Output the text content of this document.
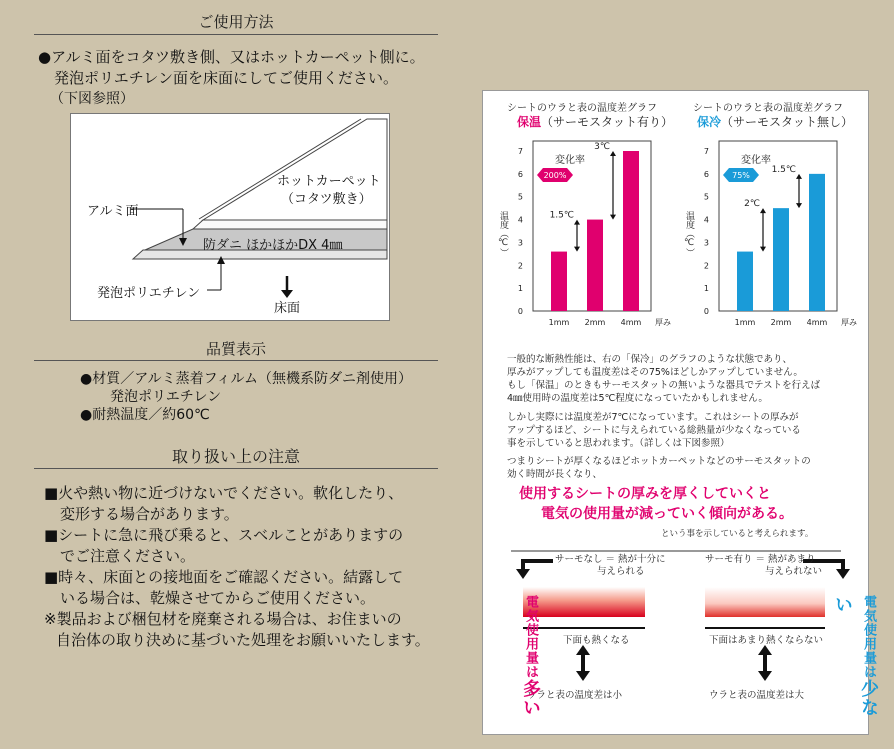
ご使用方法
●アルミ面をコタツ敷き側、又はホットカーペット側に。
発泡ポリエチレン面を床面にしてご使用ください。
（下図参照）
ホットカーペット
（コタツ敷き）
アルミ面
防ダニ ほかほかDX 4㎜
発泡ポリエチレン
床面
品質表示
●材質／アルミ蒸着フィルム（無機系防ダニ剤使用）
発泡ポリエチレン
●耐熱温度／約60℃
取り扱い上の注意
■火や熱い物に近づけないでください。軟化したり、
変形する場合があります。
■シートに急に飛び乗ると、スベルことがありますの
でご注意ください。
■時々、床面との接地面をご確認ください。結露して
いる場合は、乾燥させてからご使用ください。
※製品および梱包材を廃棄される場合は、お住まいの
自治体の取り決めに基づいた処理をお願いいたします。
シートのウラと表の温度差グラフ
保温（サーモスタット有り）
シートのウラと表の温度差グラフ
保冷（サーモスタット無し）
0
1
2
3
4
5
6
7
温度（℃）
1mm 2mm 4mm 厚み
変化率
200%
1.5℃
3℃
0
1
2
3
4
5
6
7
温度（℃）
1mm 2mm 4mm 厚み
変化率
75%
2℃
1.5℃
一般的な断熱性能は、右の「保冷」のグラフのような状態であり、
厚みがアップしても温度差はその75%ほどしかアップしていません。
もし「保温」のときもサーモスタットの無いような器具でテストを行えば
4㎜使用時の温度差は5℃程度になっていたかもしれません。
しかし実際には温度差が7℃になっています。これはシートの厚みが
アップするほど、シートに与えられている総熱量が少なくなっている
事を示していると思われます。（詳しくは下図参照）
つまりシートが厚くなるほどホットカーペットなどのサーモスタットの
効く時間が長くなり、
使用するシートの厚みを厚くしていくと
電気の使用量が減っていく傾向がある。
という事を示していると考えられます。
サーモなし ＝ 熱が十分に
与えられる
サーモ有り ＝ 熱があまり
与えられない
下面も熱くなる	下面はあまり熱くならない
ウラと表の温度差は小	ウラと表の温度差は大
電気使用量は多い
電気使用量は少ない
